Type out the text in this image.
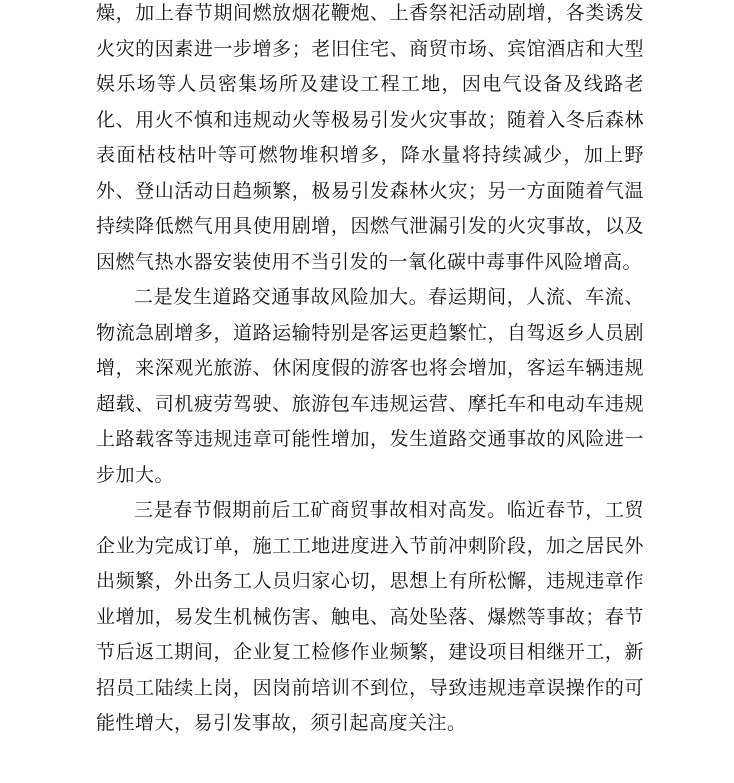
燥，加上春节期间燃放烟花鞭炮、上香祭祀活动剧增，各类诱发火灾的因素进一步增多；老旧住宅、商贸市场、宾馆酒店和大型娱乐场等人员密集场所及建设工程工地，因电气设备及线路老化、用火不慎和违规动火等极易引发火灾事故；随着入冬后森林表面枯枝枯叶等可燃物堆积增多，降水量将持续减少，加上野外、登山活动日趋频繁，极易引发森林火灾；另一方面随着气温持续降低燃气用具使用剧增，因燃气泄漏引发的火灾事故，以及因燃气热水器安装使用不当引发的一氧化碳中毒事件风险增高。

二是发生道路交通事故风险加大。春运期间，人流、车流、物流急剧增多，道路运输特别是客运更趋繁忙，自驾返乡人员剧增，来深观光旅游、休闲度假的游客也将会增加，客运车辆违规超载、司机疲劳驾驶、旅游包车违规运营、摩托车和电动车违规上路载客等违规违章可能性增加，发生道路交通事故的风险进一步加大。

三是春节假期前后工矿商贸事故相对高发。临近春节，工贸企业为完成订单，施工工地进度进入节前冲刺阶段，加之居民外出频繁，外出务工人员归家心切，思想上有所松懈，违规违章作业增加，易发生机械伤害、触电、高处坠落、爆燃等事故；春节节后返工期间，企业复工检修作业频繁，建设项目相继开工，新招员工陆续上岗，因岗前培训不到位，导致违规违章误操作的可能性增大，易引发事故，须引起高度关注。
